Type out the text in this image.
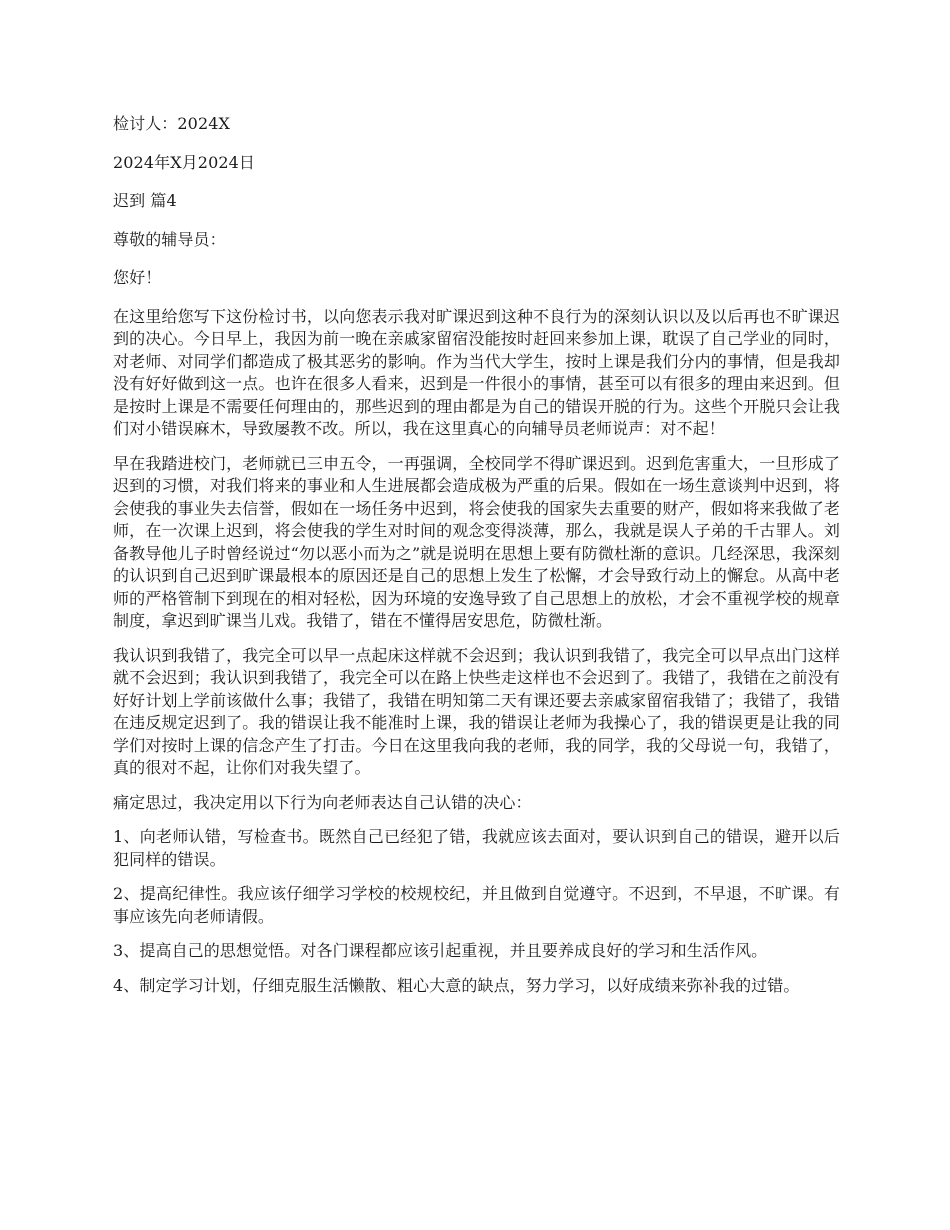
检讨人：2024X

2024年X月2024日

迟到 篇4

尊敬的辅导员：

您好！

在这里给您写下这份检讨书，以向您表示我对旷课迟到这种不良行为的深刻认识以及以后再也不旷课迟到的决心。今日早上，我因为前一晚在亲戚家留宿没能按时赶回来参加上课，耽误了自己学业的同时，对老师、对同学们都造成了极其恶劣的影响。作为当代大学生，按时上课是我们分内的事情，但是我却没有好好做到这一点。也许在很多人看来，迟到是一件很小的事情，甚至可以有很多的理由来迟到。但是按时上课是不需要任何理由的，那些迟到的理由都是为自己的错误开脱的行为。这些个开脱只会让我们对小错误麻木，导致屡教不改。所以，我在这里真心的向辅导员老师说声：对不起！

早在我踏进校门，老师就已三申五令，一再强调，全校同学不得旷课迟到。迟到危害重大，一旦形成了迟到的习惯，对我们将来的事业和人生进展都会造成极为严重的后果。假如在一场生意谈判中迟到，将会使我的事业失去信誉，假如在一场任务中迟到，将会使我的国家失去重要的财产，假如将来我做了老师，在一次课上迟到，将会使我的学生对时间的观念变得淡薄，那么，我就是误人子弟的千古罪人。刘备教导他儿子时曾经说过“勿以恶小而为之”就是说明在思想上要有防微杜渐的意识。几经深思，我深刻的认识到自己迟到旷课最根本的原因还是自己的思想上发生了松懈，才会导致行动上的懈怠。从高中老师的严格管制下到现在的相对轻松，因为环境的安逸导致了自己思想上的放松，才会不重视学校的规章制度，拿迟到旷课当儿戏。我错了，错在不懂得居安思危，防微杜渐。

我认识到我错了，我完全可以早一点起床这样就不会迟到；我认识到我错了，我完全可以早点出门这样就不会迟到；我认识到我错了，我完全可以在路上快些走这样也不会迟到了。我错了，我错在之前没有好好计划上学前该做什么事；我错了，我错在明知第二天有课还要去亲戚家留宿我错了；我错了，我错在违反规定迟到了。我的错误让我不能准时上课，我的错误让老师为我操心了，我的错误更是让我的同学们对按时上课的信念产生了打击。今日在这里我向我的老师，我的同学，我的父母说一句，我错了，真的很对不起，让你们对我失望了。

痛定思过，我决定用以下行为向老师表达自己认错的决心：

1、向老师认错，写检查书。既然自己已经犯了错，我就应该去面对，要认识到自己的错误，避开以后犯同样的错误。

2、提高纪律性。我应该仔细学习学校的校规校纪，并且做到自觉遵守。不迟到，不早退，不旷课。有事应该先向老师请假。

3、提高自己的思想觉悟。对各门课程都应该引起重视，并且要养成良好的学习和生活作风。

4、制定学习计划，仔细克服生活懒散、粗心大意的缺点，努力学习，以好成绩来弥补我的过错。
